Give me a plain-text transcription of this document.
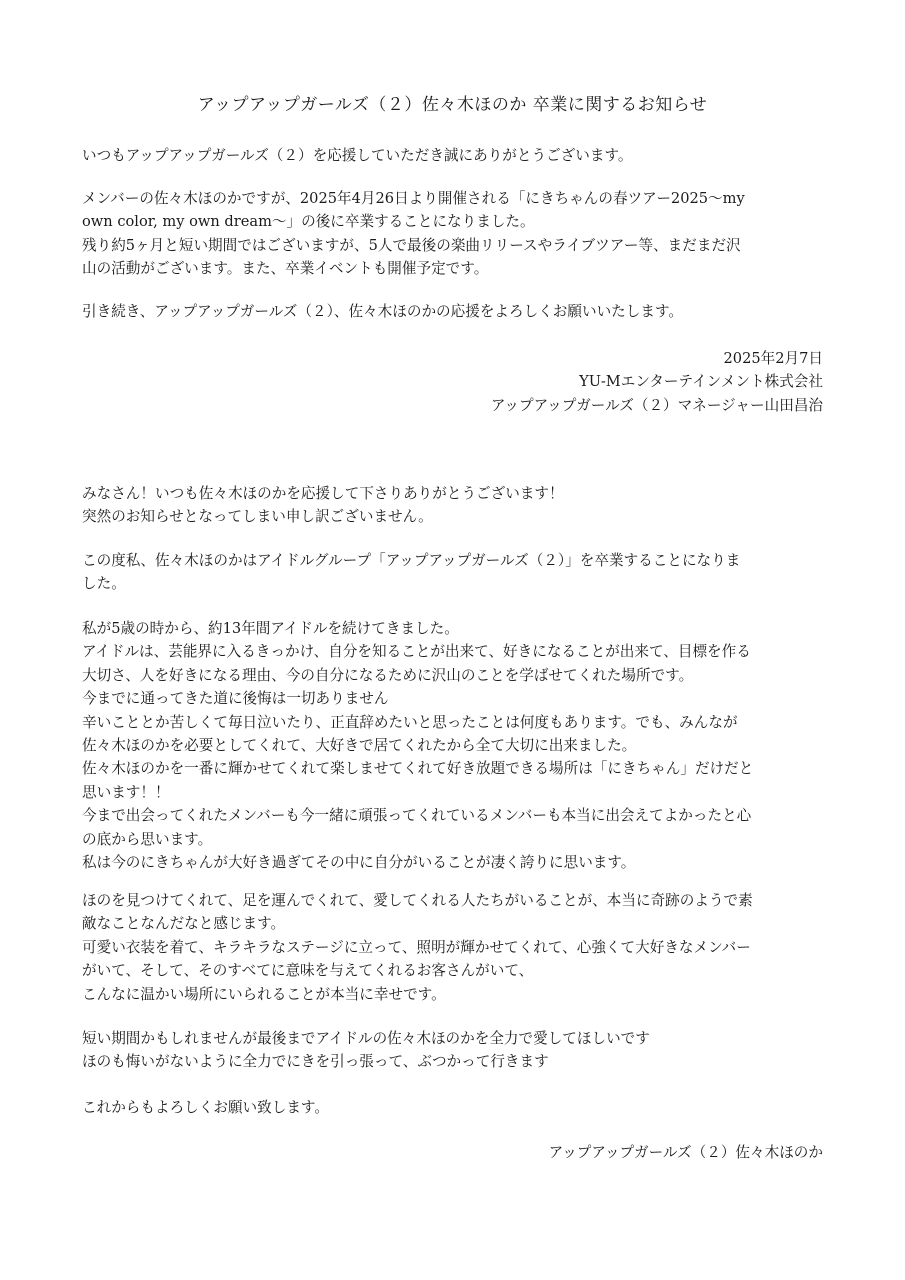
アップアップガールズ（２）佐々木ほのか 卒業に関するお知らせ
いつもアップアップガールズ（２）を応援していただき誠にありがとうございます。
メンバーの佐々木ほのかですが、2025年4月26日より開催される「にきちゃんの春ツアー2025〜my
own color, my own dream〜」の後に卒業することになりました。
残り約5ヶ月と短い期間ではございますが、5人で最後の楽曲リリースやライブツアー等、まだまだ沢
山の活動がございます。また、卒業イベントも開催予定です。
引き続き、アップアップガールズ（２）、佐々木ほのかの応援をよろしくお願いいたします。
2025年2月7日
YU-Mエンターテインメント株式会社
アップアップガールズ（２）マネージャー山田昌治
みなさん！いつも佐々木ほのかを応援して下さりありがとうございます！
突然のお知らせとなってしまい申し訳ございません。
この度私、佐々木ほのかはアイドルグループ「アップアップガールズ（２）」を卒業することになりま
した。
私が5歳の時から、約13年間アイドルを続けてきました。
アイドルは、芸能界に入るきっかけ、自分を知ることが出来て、好きになることが出来て、目標を作る
大切さ、人を好きになる理由、今の自分になるために沢山のことを学ばせてくれた場所です。
今までに通ってきた道に後悔は一切ありません
辛いこととか苦しくて毎日泣いたり、正直辞めたいと思ったことは何度もあります。でも、みんなが
佐々木ほのかを必要としてくれて、大好きで居てくれたから全て大切に出来ました。
佐々木ほのかを一番に輝かせてくれて楽しませてくれて好き放題できる場所は「にきちゃん」だけだと
思います！！
今まで出会ってくれたメンバーも今一緒に頑張ってくれているメンバーも本当に出会えてよかったと心
の底から思います。
私は今のにきちゃんが大好き過ぎてその中に自分がいることが凄く誇りに思います。
ほのを見つけてくれて、足を運んでくれて、愛してくれる人たちがいることが、本当に奇跡のようで素
敵なことなんだなと感じます。
可愛い衣装を着て、キラキラなステージに立って、照明が輝かせてくれて、心強くて大好きなメンバー
がいて、そして、そのすべてに意味を与えてくれるお客さんがいて、
こんなに温かい場所にいられることが本当に幸せです。
短い期間かもしれませんが最後までアイドルの佐々木ほのかを全力で愛してほしいです
ほのも悔いがないように全力でにきを引っ張って、ぶつかって行きます
これからもよろしくお願い致します。
アップアップガールズ（２）佐々木ほのか
